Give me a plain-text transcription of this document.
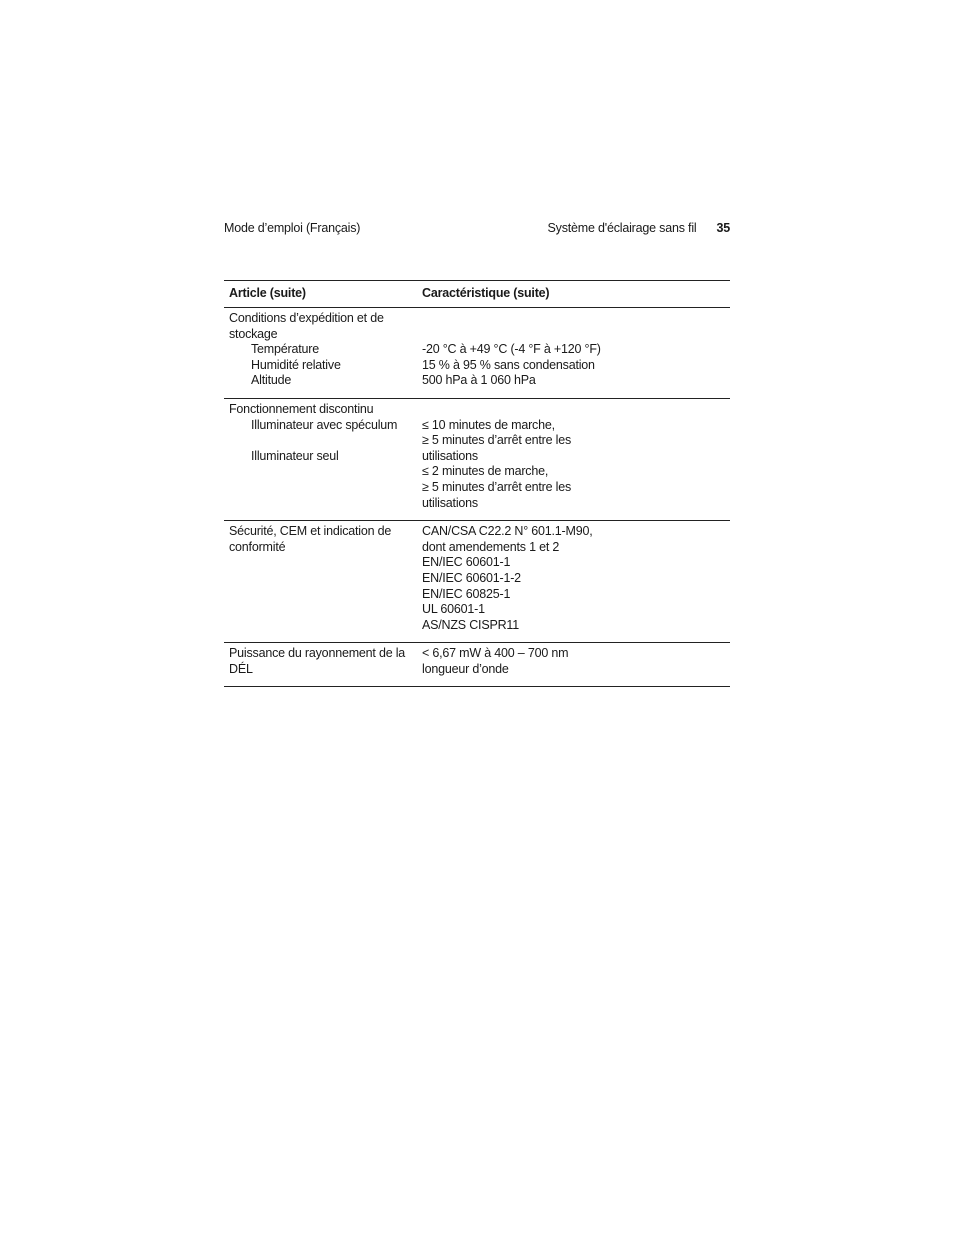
Mode d’emploi (Français)	Système d'éclairage sans fil 35
Article (suite)	Caractéristique (suite)
Conditions d’expédition et de
stockage
Température
Humidité relative
Altitude
-20 °C à +49 °C (-4 °F à +120 °F)
15 % à 95 % sans condensation
500 hPa à 1 060 hPa
Fonctionnement discontinu
Illuminateur avec spéculum
Illuminateur seul
≤ 10 minutes de marche,
≥ 5 minutes d’arrêt entre les
utilisations
≤ 2 minutes de marche,
≥ 5 minutes d’arrêt entre les
utilisations
Sécurité, CEM et indication de
conformité
CAN/CSA C22.2 N° 601.1-M90,
dont amendements 1 et 2
EN/IEC 60601-1
EN/IEC 60601-1-2
EN/IEC 60825-1
UL 60601-1
AS/NZS CISPR11
Puissance du rayonnement de la DÉL
< 6,67 mW à 400 – 700 nm
longueur d’onde
